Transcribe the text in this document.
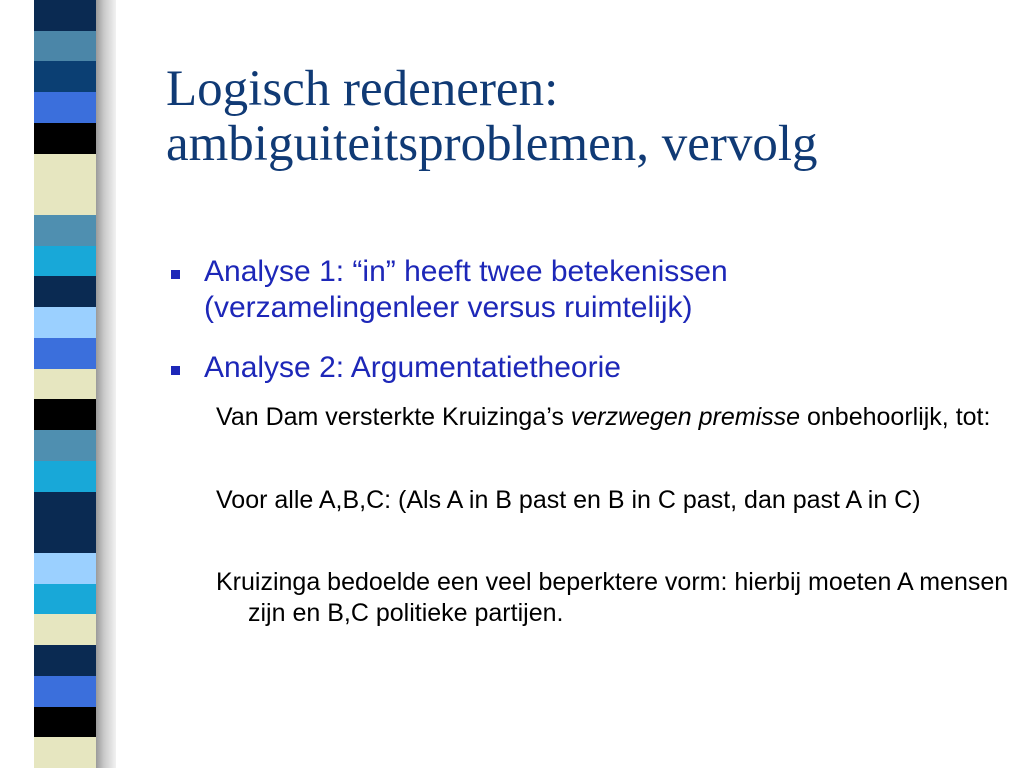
Logisch redeneren:
ambiguiteitsproblemen, vervolg
Analyse 1: “in” heeft twee betekenissen (verzamelingenleer versus ruimtelijk)
Analyse 2: Argumentatietheorie
Van Dam versterkte Kruizinga’s verzwegen premisse onbehoorlijk, tot:
Voor alle A,B,C: (Als A in B past en B in C past, dan past A in C)
Kruizinga bedoelde een veel beperktere vorm: hierbij moeten A mensen zijn en B,C politieke partijen.
